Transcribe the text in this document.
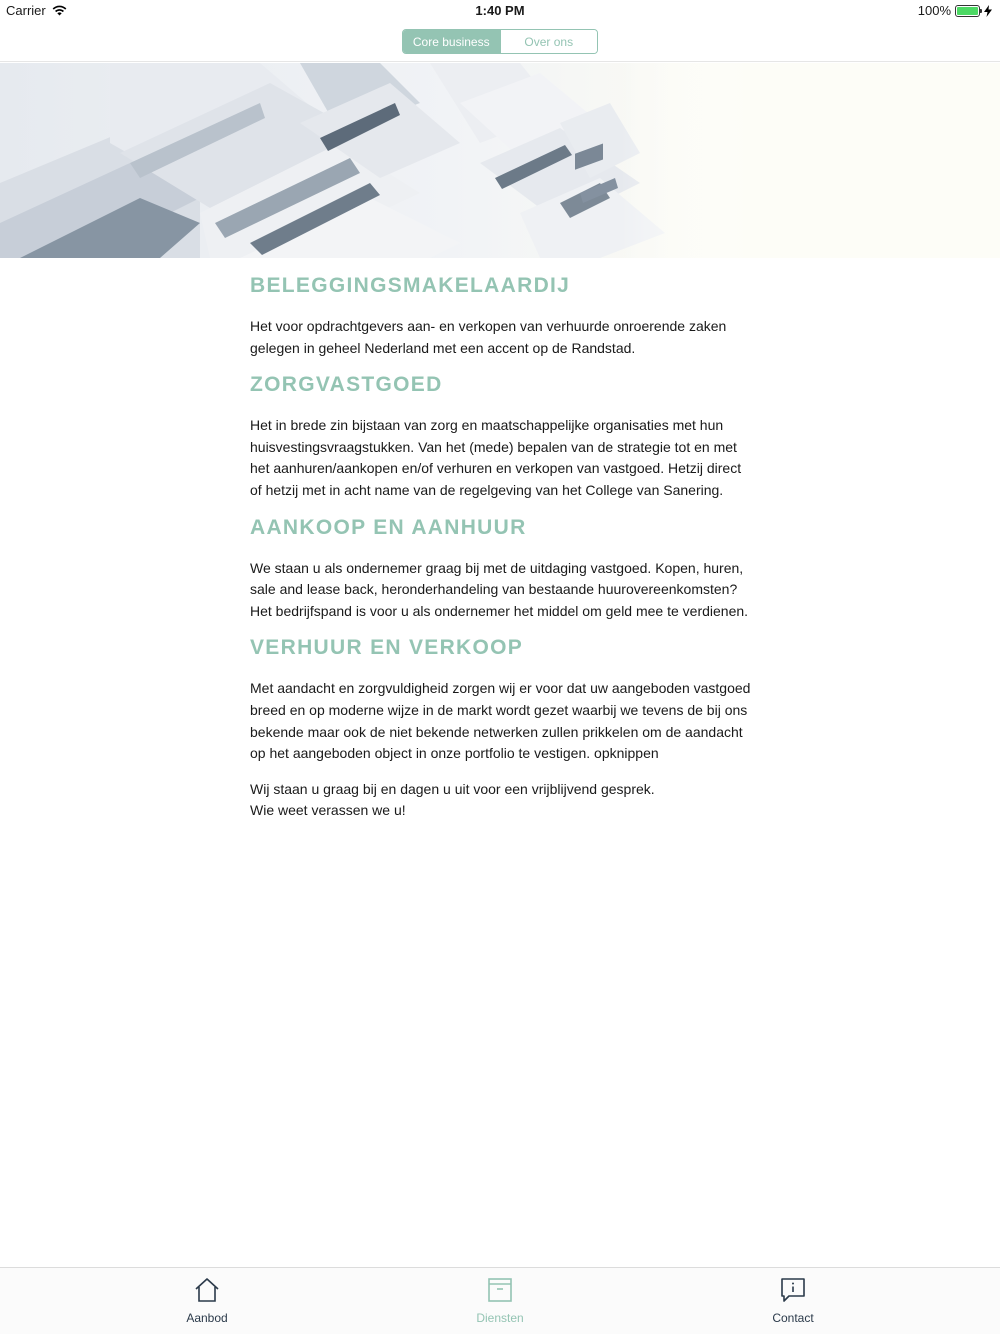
Carrier	1:40 PM	100%
Core business	Over ons
BELEGGINGSMAKELAARDIJ

Het voor opdrachtgevers aan- en verkopen van verhuurde onroerende zaken gelegen in geheel Nederland met een accent op de Randstad.

ZORGVASTGOED

Het in brede zin bijstaan van zorg en maatschappelijke organisaties met hun huisvestingsvraagstukken. Van het (mede) bepalen van de strategie tot en met het aanhuren/aankopen en/of verhuren en verkopen van vastgoed. Hetzij direct of hetzij met in acht name van de regelgeving van het College van Sanering.

AANKOOP EN AANHUUR

We staan u als ondernemer graag bij met de uitdaging vastgoed. Kopen, huren, sale and lease back, heronderhandeling van bestaande huurovereenkomsten? Het bedrijfspand is voor u als ondernemer het middel om geld mee te verdienen.

VERHUUR EN VERKOOP

Met aandacht en zorgvuldigheid zorgen wij er voor dat uw aangeboden vastgoed breed en op moderne wijze in de markt wordt gezet waarbij we tevens de bij ons bekende maar ook de niet bekende netwerken zullen prikkelen om de aandacht op het aangeboden object in onze portfolio te vestigen. opknippen

Wij staan u graag bij en dagen u uit voor een vrijblijvend gesprek.

Wie weet verassen we u!

Aanbod	Diensten	Contact
